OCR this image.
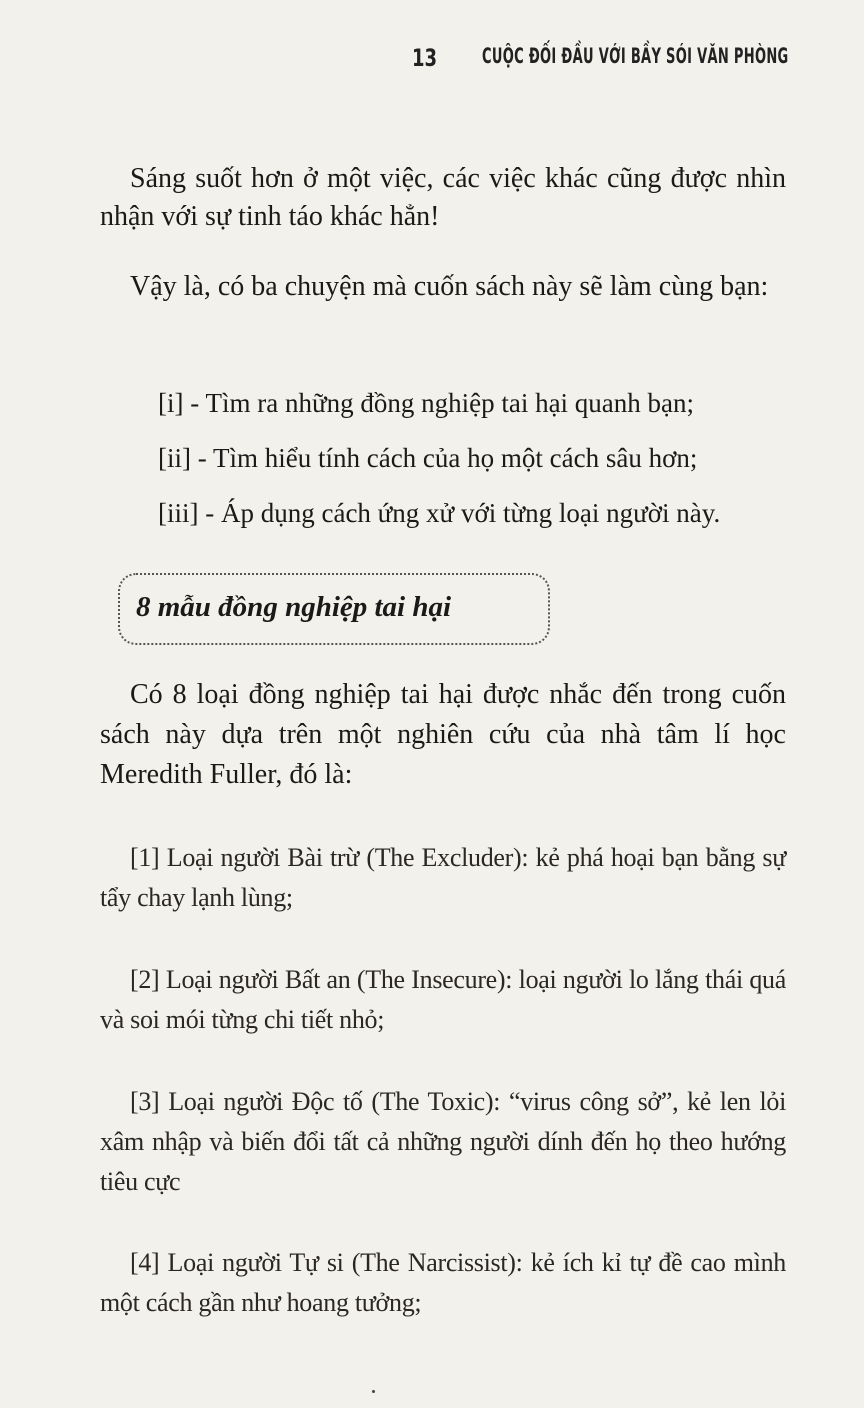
13 CUỘC ĐỐI ĐẦU VỚI BẦY SÓI VĂN PHÒNG

Sáng suốt hơn ở một việc, các việc khác cũng được nhìn nhận với sự tinh táo khác hẳn!

Vậy là, có ba chuyện mà cuốn sách này sẽ làm cùng bạn:

[i] - Tìm ra những đồng nghiệp tai hại quanh bạn;
[ii] - Tìm hiểu tính cách của họ một cách sâu hơn;
[iii] - Áp dụng cách ứng xử với từng loại người này.
8 mẫu đồng nghiệp tai hại

Có 8 loại đồng nghiệp tai hại được nhắc đến trong cuốn sách này dựa trên một nghiên cứu của nhà tâm lí học Meredith Fuller, đó là:

[1] Loại người Bài trừ (The Excluder): kẻ phá hoại bạn bằng sự tẩy chay lạnh lùng;

[2] Loại người Bất an (The Insecure): loại người lo lắng thái quá và soi mói từng chi tiết nhỏ;

[3] Loại người Độc tố (The Toxic): “virus công sở”, kẻ len lỏi xâm nhập và biến đổi tất cả những người dính đến họ theo hướng tiêu cực

[4] Loại người Tự si (The Narcissist): kẻ ích kỉ tự đề cao mình một cách gần như hoang tưởng;
